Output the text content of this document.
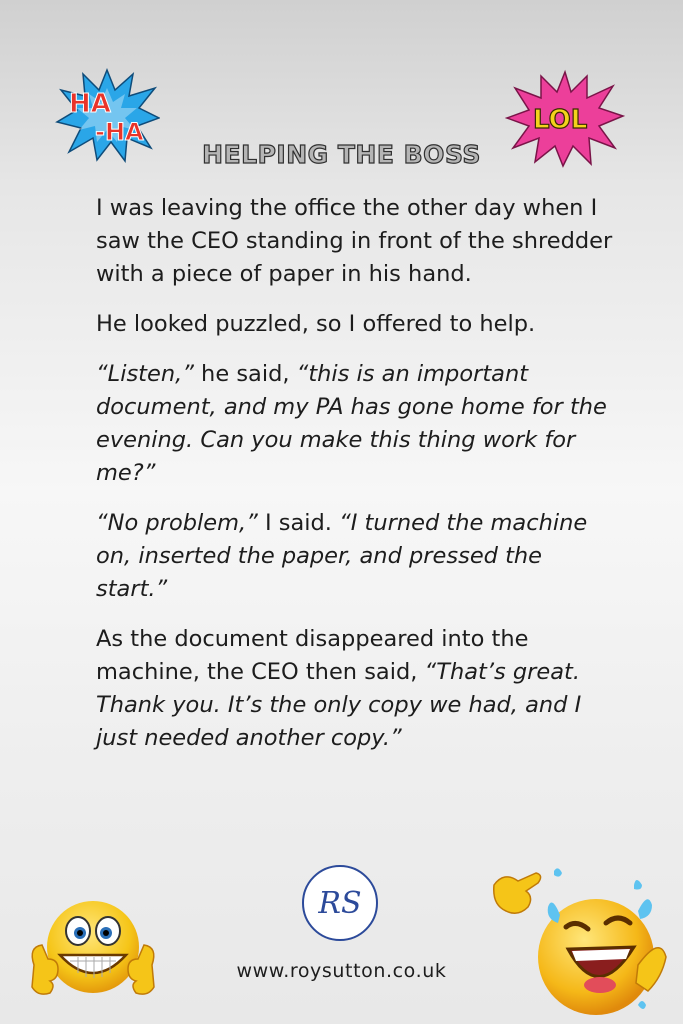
HA
-HA	LOL
HELPING THE BOSS

I was leaving the office the other day when I saw the CEO standing in front of the shredder with a piece of paper in his hand.

He looked puzzled, so I offered to help.

“Listen,” he said, “this is an important document, and my PA has gone home for the evening. Can you make this thing work for me?”

“No problem,” I said. “I turned the machine on, inserted the paper, and pressed the start.”

As the document disappeared into the machine, the CEO then said, “That’s great. Thank you. It’s the only copy we had, and I just needed another copy.”

RS
www.roysutton.co.uk
